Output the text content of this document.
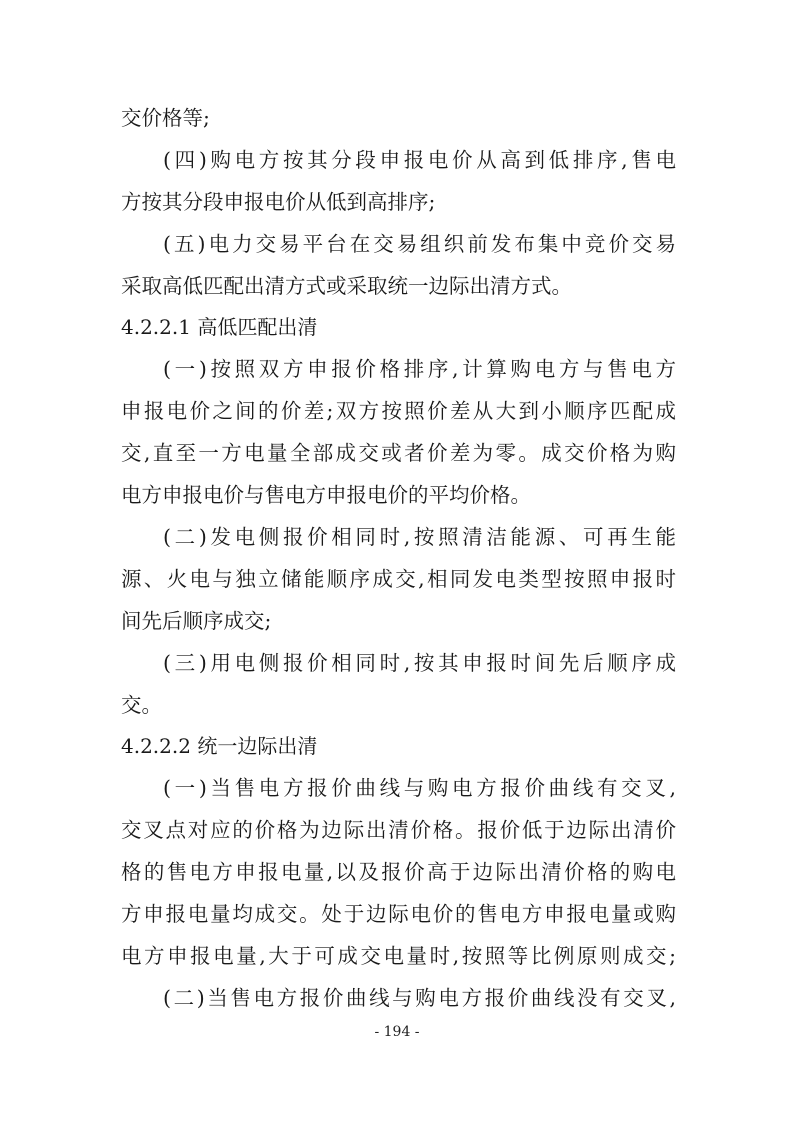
交价格等;
(四)购电方按其分段申报电价从高到低排序,售电
方按其分段申报电价从低到高排序;
(五)电力交易平台在交易组织前发布集中竞价交易
采取高低匹配出清方式或采取统一边际出清方式。
4.2.2.1 高低匹配出清
(一)按照双方申报价格排序,计算购电方与售电方
申报电价之间的价差;双方按照价差从大到小顺序匹配成
交,直至一方电量全部成交或者价差为零。成交价格为购
电方申报电价与售电方申报电价的平均价格。
(二)发电侧报价相同时,按照清洁能源、可再生能
源、火电与独立储能顺序成交,相同发电类型按照申报时
间先后顺序成交;
(三)用电侧报价相同时,按其申报时间先后顺序成
交。
4.2.2.2 统一边际出清
(一)当售电方报价曲线与购电方报价曲线有交叉,
交叉点对应的价格为边际出清价格。报价低于边际出清价
格的售电方申报电量,以及报价高于边际出清价格的购电
方申报电量均成交。处于边际电价的售电方申报电量或购
电方申报电量,大于可成交电量时,按照等比例原则成交;
(二)当售电方报价曲线与购电方报价曲线没有交叉,
- 194 -
